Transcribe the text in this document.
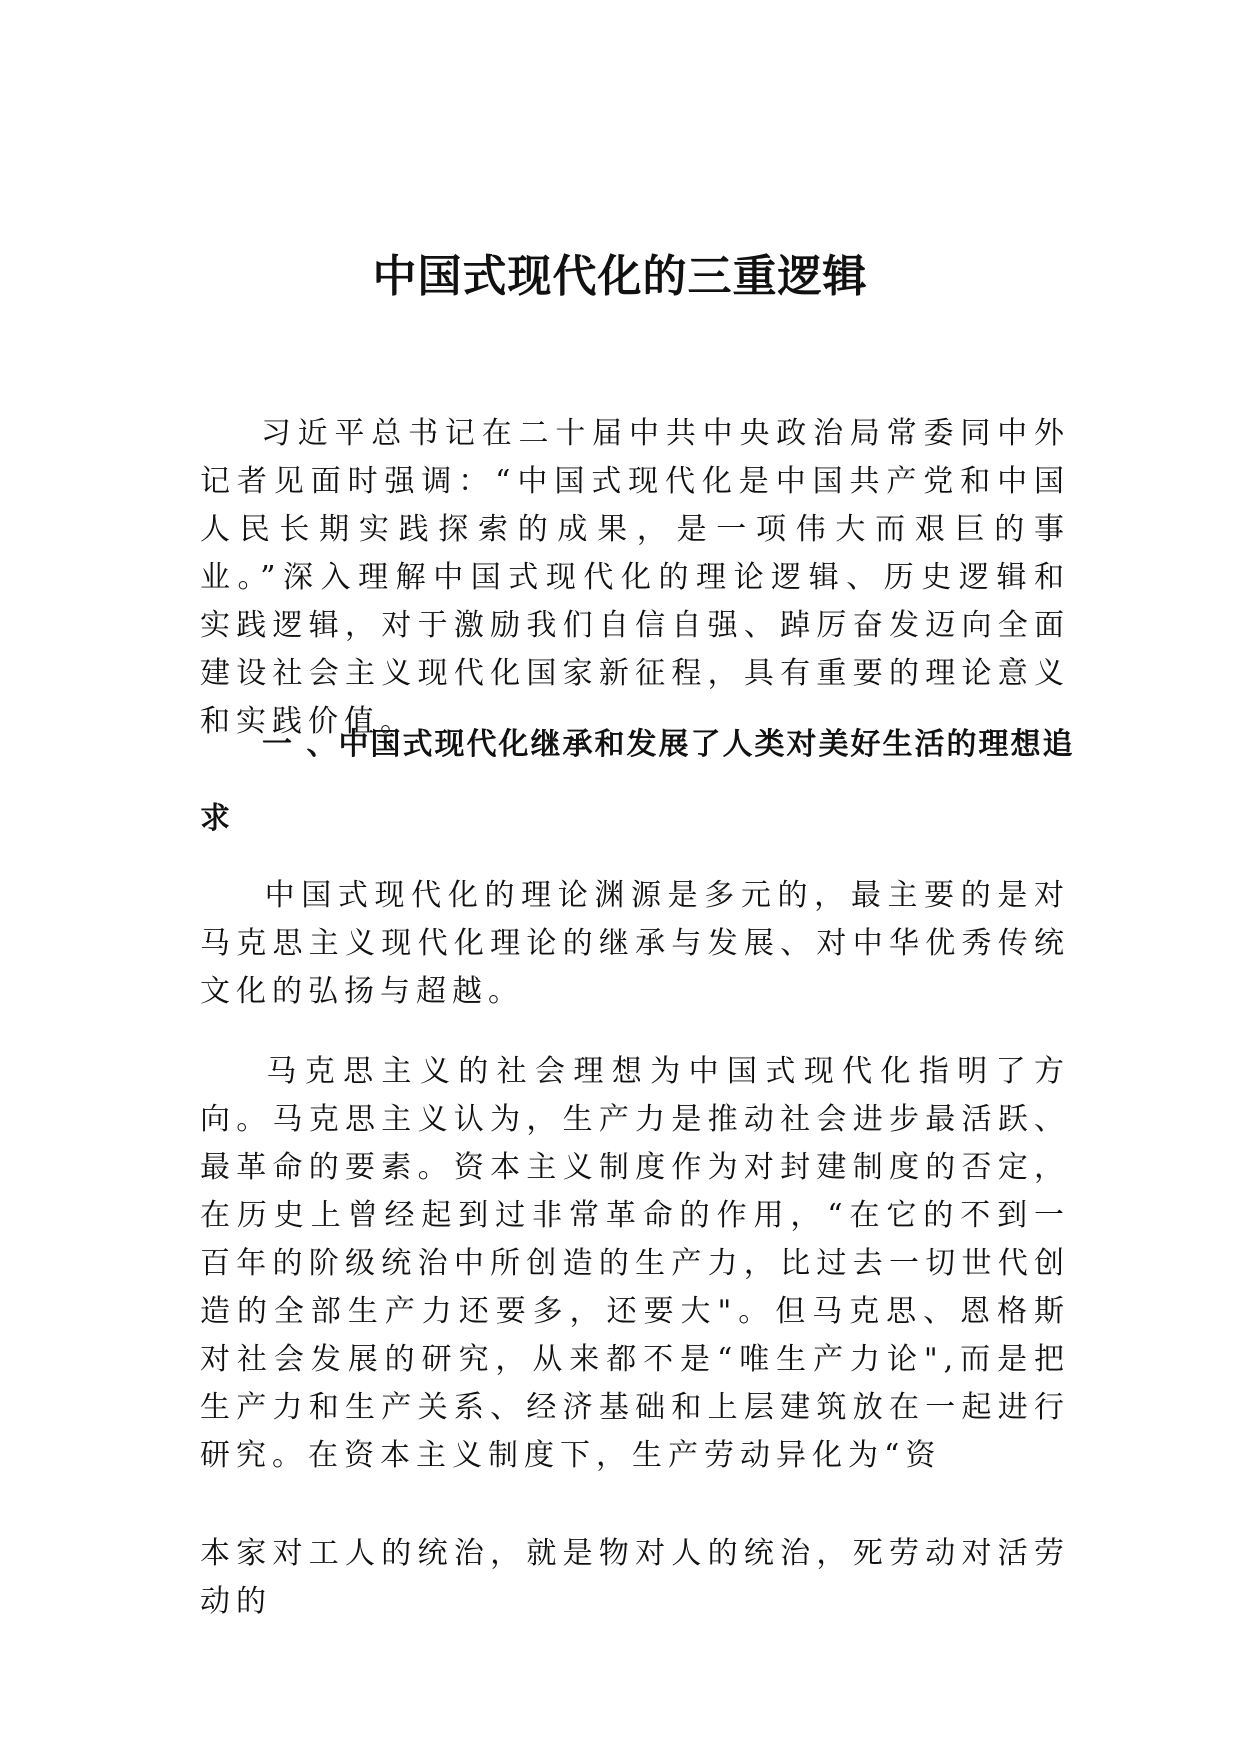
中国式现代化的三重逻辑

习近平总书记在二十届中共中央政治局常委同中外记者见面时强调：“中国式现代化是中国共产党和中国人民长期实践探索的成果，是一项伟大而艰巨的事业。”深入理解中国式现代化的理论逻辑、历史逻辑和实践逻辑，对于激励我们自信自强、踔厉奋发迈向全面建设社会主义现代化国家新征程，具有重要的理论意义和实践价值。

一 、中国式现代化继承和发展了人类对美好生活的理想追求

中国式现代化的理论渊源是多元的，最主要的是对马克思主义现代化理论的继承与发展、对中华优秀传统文化的弘扬与超越。

马克思主义的社会理想为中国式现代化指明了方向。马克思主义认为，生产力是推动社会进步最活跃、最革命的要素。资本主义制度作为对封建制度的否定，在历史上曾经起到过非常革命的作用，“在它的不到一百年的阶级统治中所创造的生产力，比过去一切世代创造的全部生产力还要多，还要大"。但马克思、恩格斯对社会发展的研究，从来都不是“唯生产力论",而是把生产力和生产关系、经济基础和上层建筑放在一起进行研究。在资本主义制度下，生产劳动异化为“资

本家对工人的统治，就是物对人的统治，死劳动对活劳动的
